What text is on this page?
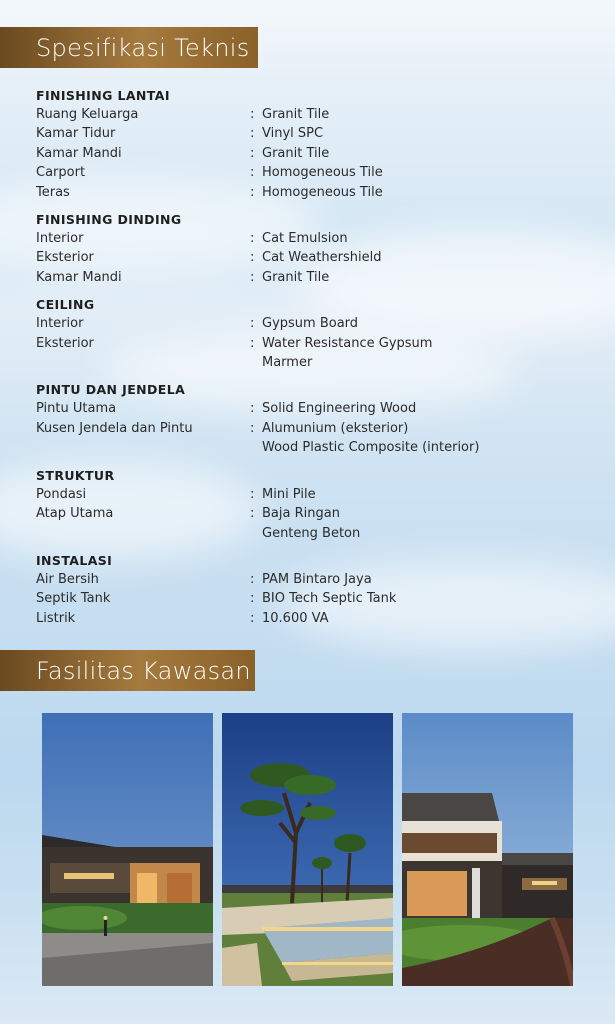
Spesifikasi Teknis
FINISHING LANTAI
Ruang Keluarga	: Granit Tile
Kamar Tidur	: Vinyl SPC
Kamar Mandi	: Granit Tile
Carport	: Homogeneous Tile
Teras	: Homogeneous Tile
FINISHING DINDING
Interior	: Cat Emulsion
Eksterior	: Cat Weathershield
Kamar Mandi	: Granit Tile
CEILING
Interior	: Gypsum Board
Eksterior	: Water Resistance Gypsum
Marmer
PINTU DAN JENDELA
Pintu Utama	: Solid Engineering Wood
Kusen Jendela dan Pintu	: Alumunium (eksterior)
Wood Plastic Composite (interior)
STRUKTUR
Pondasi	: Mini Pile
Atap Utama	: Baja Ringan
Genteng Beton
INSTALASI
Air Bersih	: PAM Bintaro Jaya
Septik Tank	: BIO Tech Septic Tank
Listrik	: 10.600 VA
Fasilitas Kawasan
